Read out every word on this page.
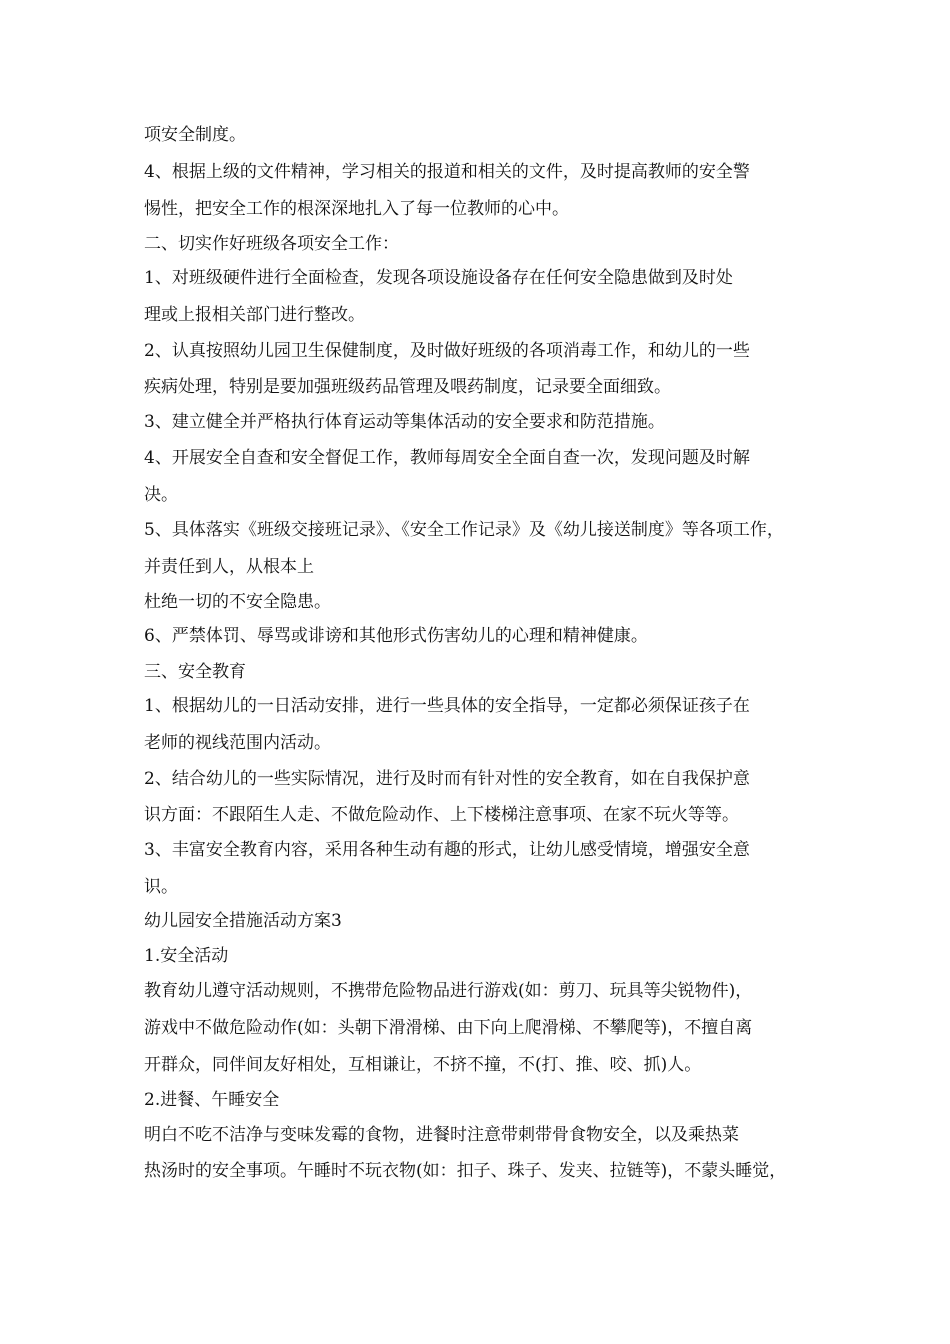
项安全制度。
4、根据上级的文件精神，学习相关的报道和相关的文件，及时提高教师的安全警
惕性，把安全工作的根深深地扎入了每一位教师的心中。
二、切实作好班级各项安全工作：
1、对班级硬件进行全面检查，发现各项设施设备存在任何安全隐患做到及时处
理或上报相关部门进行整改。
2、认真按照幼儿园卫生保健制度，及时做好班级的各项消毒工作，和幼儿的一些
疾病处理，特别是要加强班级药品管理及喂药制度，记录要全面细致。
3、建立健全并严格执行体育运动等集体活动的安全要求和防范措施。
4、开展安全自查和安全督促工作，教师每周安全全面自查一次，发现问题及时解
决。
5、具体落实《班级交接班记录》、《安全工作记录》及《幼儿接送制度》等各项工作，
并责任到人，从根本上
杜绝一切的不安全隐患。
6、严禁体罚、辱骂或诽谤和其他形式伤害幼儿的心理和精神健康。
三、安全教育
1、根据幼儿的一日活动安排，进行一些具体的安全指导，一定都必须保证孩子在
老师的视线范围内活动。
2、结合幼儿的一些实际情况，进行及时而有针对性的安全教育，如在自我保护意
识方面：不跟陌生人走、不做危险动作、上下楼梯注意事项、在家不玩火等等。
3、丰富安全教育内容，采用各种生动有趣的形式，让幼儿感受情境，增强安全意
识。
幼儿园安全措施活动方案3
1.安全活动
教育幼儿遵守活动规则，不携带危险物品进行游戏(如：剪刀、玩具等尖锐物件)，
游戏中不做危险动作(如：头朝下滑滑梯、由下向上爬滑梯、不攀爬等)，不擅自离
开群众，同伴间友好相处，互相谦让，不挤不撞，不(打、推、咬、抓)人。
2.进餐、午睡安全
明白不吃不洁净与变味发霉的食物，进餐时注意带刺带骨食物安全，以及乘热菜
热汤时的安全事项。午睡时不玩衣物(如：扣子、珠子、发夹、拉链等)，不蒙头睡觉，
